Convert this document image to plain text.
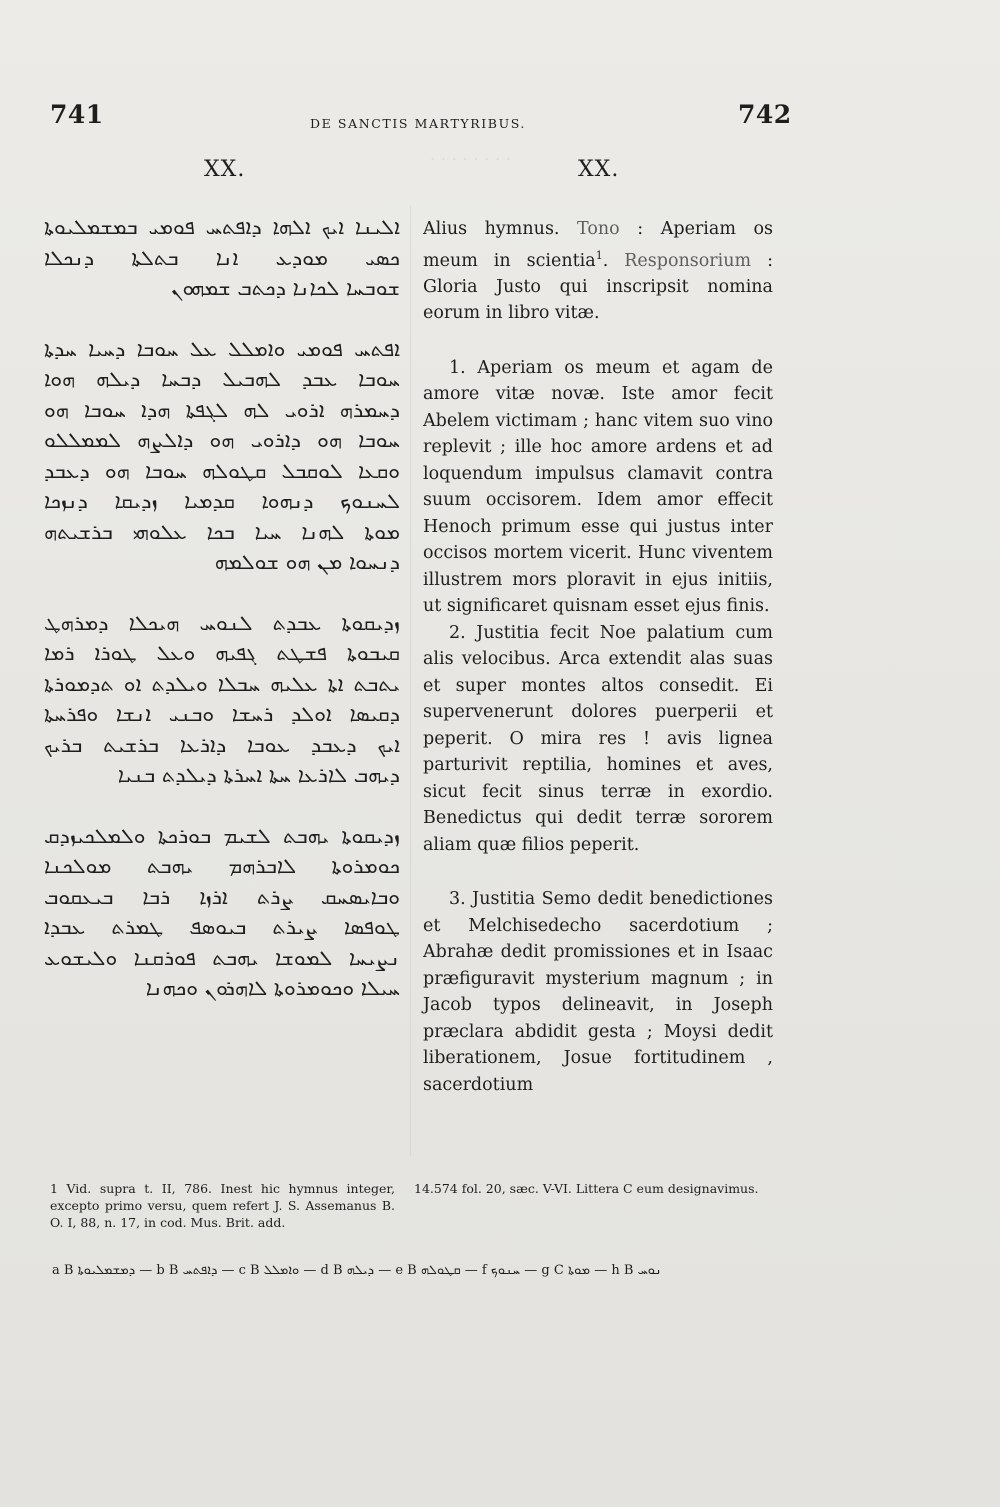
· · · · · · · ·
741	DE SANCTIS MARTYRIBUS.	742
XX.	XX.
ܐܠܝܢܐ ܐܝܟ ܐܠܗܐ ܕܐܦܬܚ ܦܘܡܝ ܒܡܫܡܠܝܘܬܐ
ܟܣܝ ܡܘܕܥ ܐܢܐ ܒܬܠܬܐ ܕܢܟܠܐ
ܫܘܒܚܐ ܠܟܐܢܐ ܕܟܬܒ ܫܡܗܘܢ
ܐܦܬܚ ܦܘܡܝ ܘܐܡܠܠ ܥܠ ܚܘܒܐ ܕܚܝܐ ܚܕܬܐ
ܚܘܒܐ ܥܒܕ ܠܗܒܝܠ ܕܒܚܐ ܕܝܠܗ ܗܘܐ
ܕܚܡܪܗ ܐܪܘܝ ܠܗ ܠܓܦܬܐ ܗܕܐ ܚܘܒܐ ܗܘ
ܚܘܒܐ ܗܘ ܕܐܪܘܝ ܗܘ ܕܐܠܨܗ ܠܡܡܠܠܘ
ܘܩܥܐ ܠܘܩܒܠ ܩܛܘܠܗ ܚܘܒܐ ܗܘ ܕܥܒܕ
ܠܚܢܘܟ ܕܢܗܘܐ ܩܕܡܝܐ ܙܕܝܩܐ ܕܢܙܟܐ
ܡܘܬܐ ܠܗܢܐ ܚܝܐ ܒܟܐ ܥܠܘܗܝ ܒܪܫܝܬܗ
ܕܢܚܘܐ ܡܢ ܗܘ ܫܘܠܡܗ
ܙܕܝܩܘܬܐ ܥܒܕܬ ܠܢܘܚ ܗܝܟܠܐ ܕܡܪܗܛ
ܩܝܒܘܬܐ ܦܫܛܬ ܓܦܝܗ ܘܥܠ ܛܘܪܐ ܪܡܐ
ܝܬܒܬ ܐܬܐ ܥܠܝܗ ܚܒܠܐ ܘܝܠܕܬ ܐܘ ܬܕܡܘܪܬܐ
ܕܩܝܣܐ ܐܘܠܕ ܪܚܫܐ ܘܒܢܝ ܐܢܫܐ ܘܦܪܚܬܐ
ܐܝܟ ܕܥܒܕ ܥܘܒܐ ܕܐܪܥܐ ܒܪܫܝܬ ܒܪܝܟ
ܕܝܗܒ ܠܐܪܥܐ ܚܬܐ ܐܚܪܬܐ ܕܝܠܕܬ ܒܢܝܐ
ܙܕܝܩܘܬܐ ܝܗܒܬ ܠܫܝܡ ܒܘܪܟܬܐ ܘܠܡܠܟܝܙܕܩ
ܟܘܡܪܘܬܐ ܠܐܒܪܗܡ ܝܗܒܬ ܡܘܠܟܢܐ
ܘܒܐܝܣܚܩ ܨܪܬ ܐܪܙܐ ܪܒܐ ܒܝܥܩܘܒ
ܛܘܦܣܐ ܨܝܪܬ ܒܝܘܣܦ ܛܡܪܬ ܥܒܕܐ
ܢܨܝܚܐ ܠܡܘܫܐ ܝܗܒܬ ܦܘܪܩܢܐ ܘܠܝܫܘܥ
ܚܝܠܐ ܘܟܘܡܪܘܬܐ ܠܐܗܪܘܢ ܘܟܗܢܐ

Alius hymnus. Tono : Aperiam os meum in scientia$^1$. Responsorium : Gloria Justo qui inscripsit nomina eorum in libro vitæ.

1. Aperiam os meum et agam de amore vitæ novæ. Iste amor fecit Abelem victimam ; hanc vitem suo vino replevit ; ille hoc amore ardens et ad loquendum impulsus clamavit contra suum occisorem. Idem amor effecit Henoch primum esse qui justus inter occisos mortem vicerit. Hunc viventem illustrem mors ploravit in ejus initiis, ut significaret quisnam esset ejus finis.

2. Justitia fecit Noe palatium cum alis velocibus. Arca extendit alas suas et super montes altos consedit. Ei supervenerunt dolores puerperii et peperit. O mira res ! avis lignea parturivit reptilia, homines et aves, sicut fecit sinus terræ in exordio. Benedictus qui dedit terræ sororem aliam quæ filios peperit.

3. Justitia Semo dedit benedictiones et Melchisedecho sacerdotium ; Abrahæ dedit promissiones et in Isaac præfiguravit mysterium magnum ; in Jacob typos delineavit, in Joseph præclara abdidit gesta ; Moysi dedit liberationem, Josue fortitudinem , sacerdotium

1 Vid. supra t. II, 786. Inest hic hymnus integer, excepto primo versu, quem refert J. S. Assemanus B. O. I, 88, n. 17, in cod. Mus. Brit. add.
14.574 fol. 20, sæc. V-VI. Littera C eum designavimus.
a B ܕܡܫܡܠܝܘܬܐ — b B ܕܐܦܬܚ — c B ܘܐܡܠܠ — d B ܕܝܠܗ — e B ܩܛܘܠܗ — f ܚܢܘܟ — g C ܡܘܬܐ — h B ܢܘܚ
